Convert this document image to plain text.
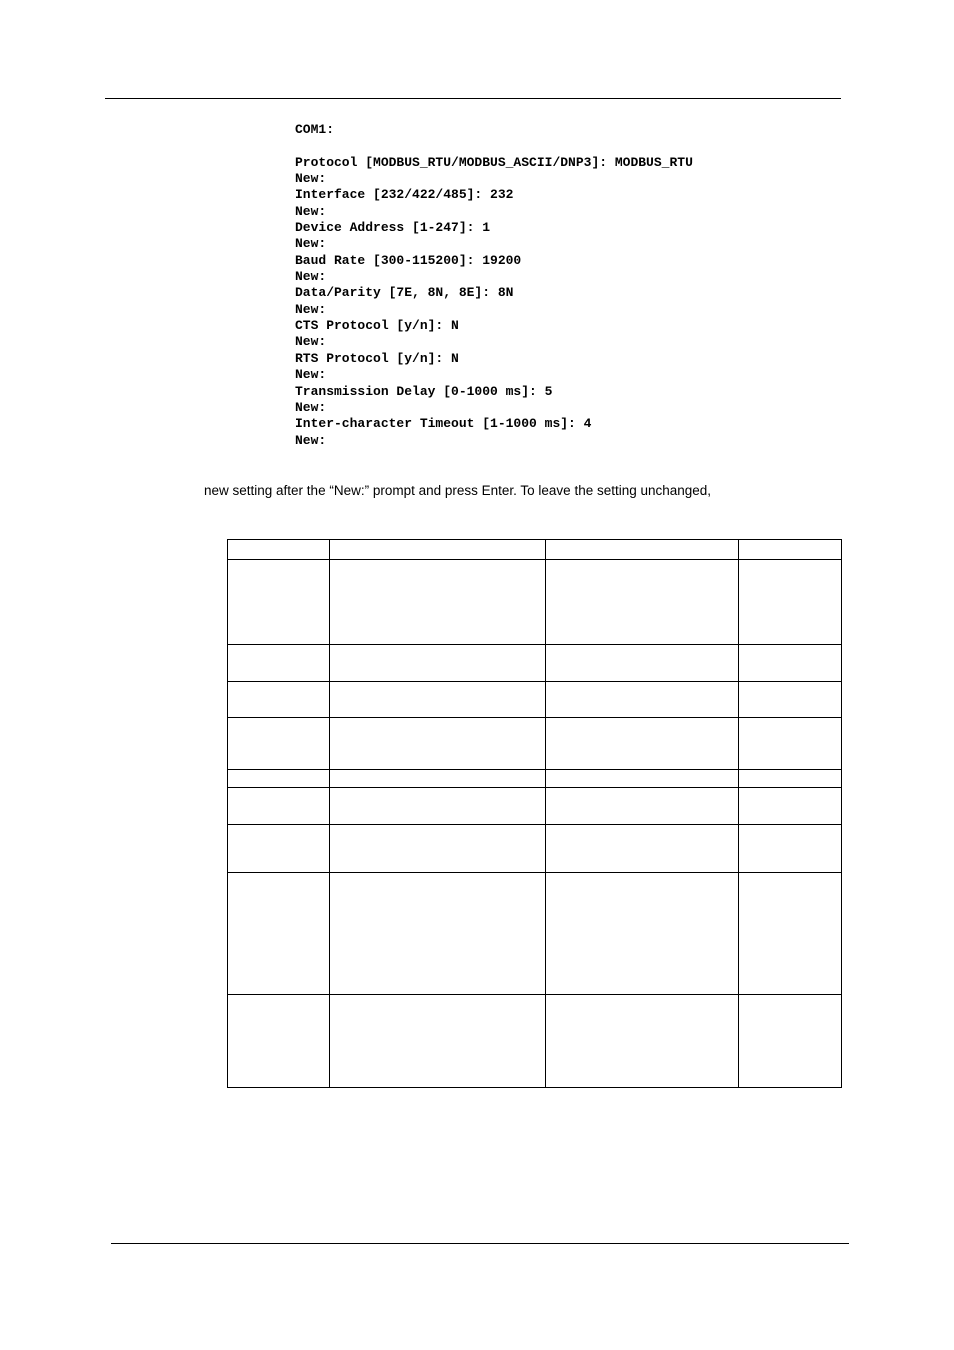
COM1:
Protocol [MODBUS_RTU/MODBUS_ASCII/DNP3]: MODBUS_RTU
New:
Interface [232/422/485]: 232
New:
Device Address [1-247]: 1
New:
Baud Rate [300-115200]: 19200
New:
Data/Parity [7E, 8N, 8E]: 8N
New:
CTS Protocol [y/n]: N
New:
RTS Protocol [y/n]: N
New:
Transmission Delay [0-1000 ms]: 5
New:
Inter-character Timeout [1-1000 ms]: 4
New:
new setting after the “New:” prompt and press Enter. To leave the setting unchanged,
